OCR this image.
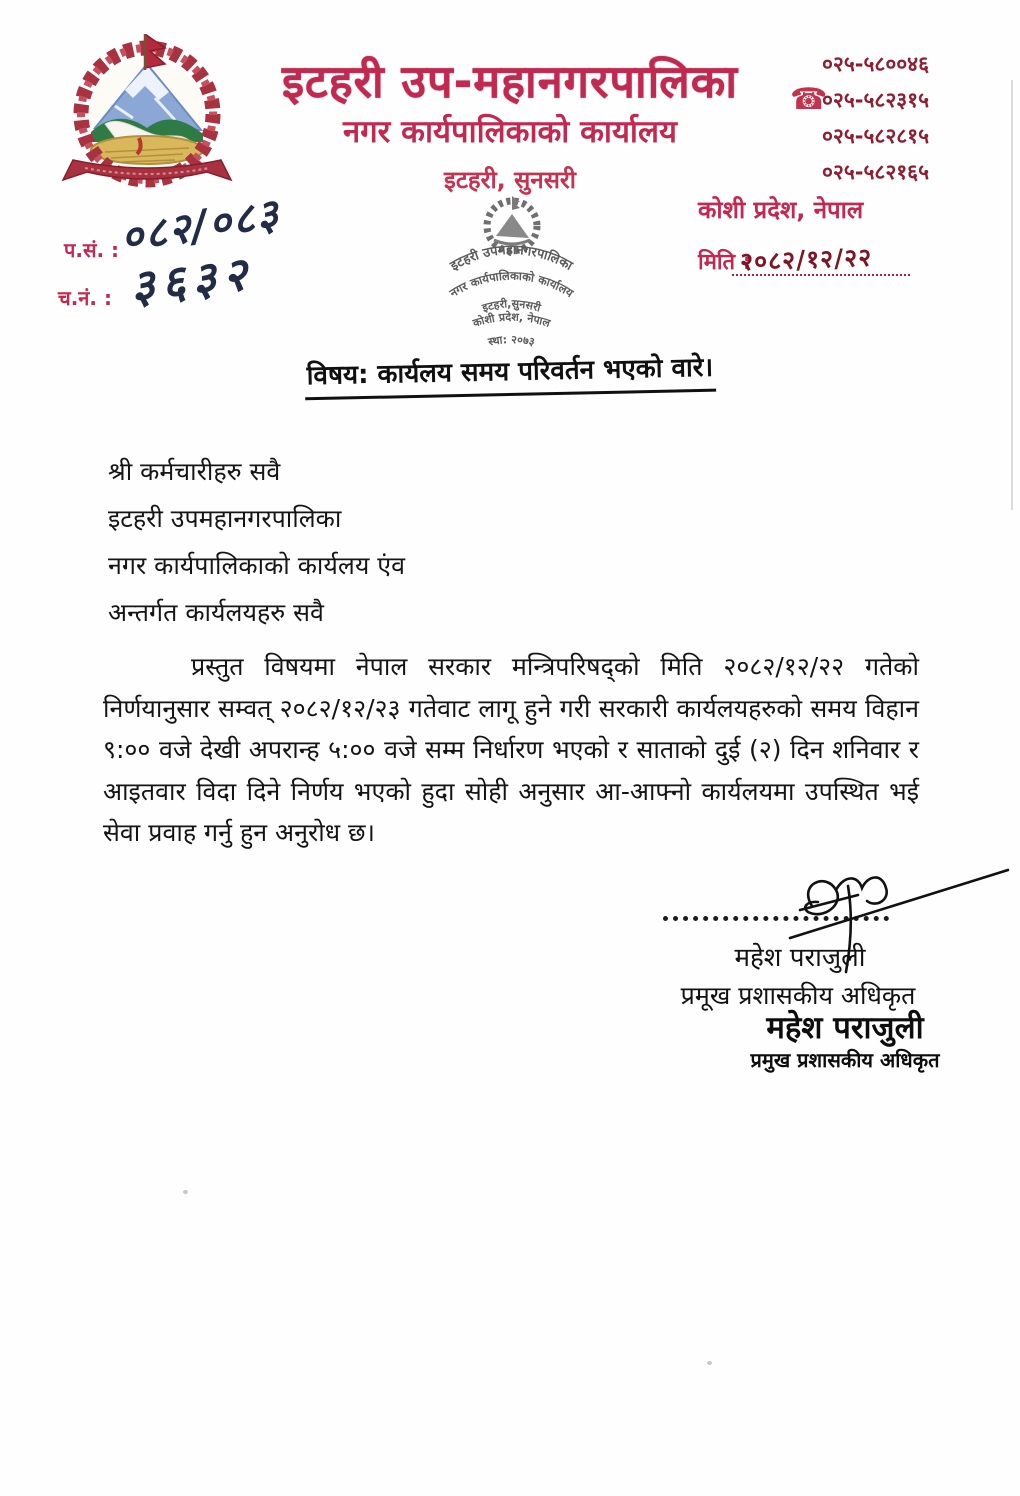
इटहरी उप-महानगरपालिका
नगर कार्यपालिकाको कार्यालय
इटहरी, सुनसरी
☎
०२५-५८००४६
०२५-५८२३१५
०२५-५८२८१५
०२५-५८२१६५
प.सं. :
०८२/०८३
च.नं. : ३६३२	इटहरी उपमहानगरपालिका
नगर कार्यपालिकाको कार्यालय
इटहरी,सुनसरी
कोशी प्रदेश, नेपाल
स्था: २०७३
कोशी प्रदेश, नेपाल
मिति :
२०८२/१२/२२
विषय: कार्यलय समय परिवर्तन भएको वारे।
श्री कर्मचारीहरु सवै
इटहरी उपमहानगरपालिका
नगर कार्यपालिकाको कार्यलय एंव
अन्तर्गत कार्यलयहरु सवै
प्रस्तुत विषयमा नेपाल सरकार मन्त्रिपरिषद्को मिति २०८२/१२/२२ गतेको निर्णयानुसार सम्वत् २०८२/१२/२३ गतेवाट लागू हुने गरी सरकारी कार्यलयहरुको समय विहान ९:०० वजे देखी अपरान्ह ५:०० वजे सम्म निर्धारण भएको र साताको दुई (२) दिन शनिवार र आइतवार विदा दिने निर्णय भएको हुदा सोही अनुसार आ-आफ्नो कार्यलयमा उपस्थित भई सेवा प्रवाह गर्नु हुन अनुरोध छ।
महेश पराजुली
प्रमूख प्रशासकीय अधिकृत
महेश पराजुली
प्रमुख प्रशासकीय अधिकृत
